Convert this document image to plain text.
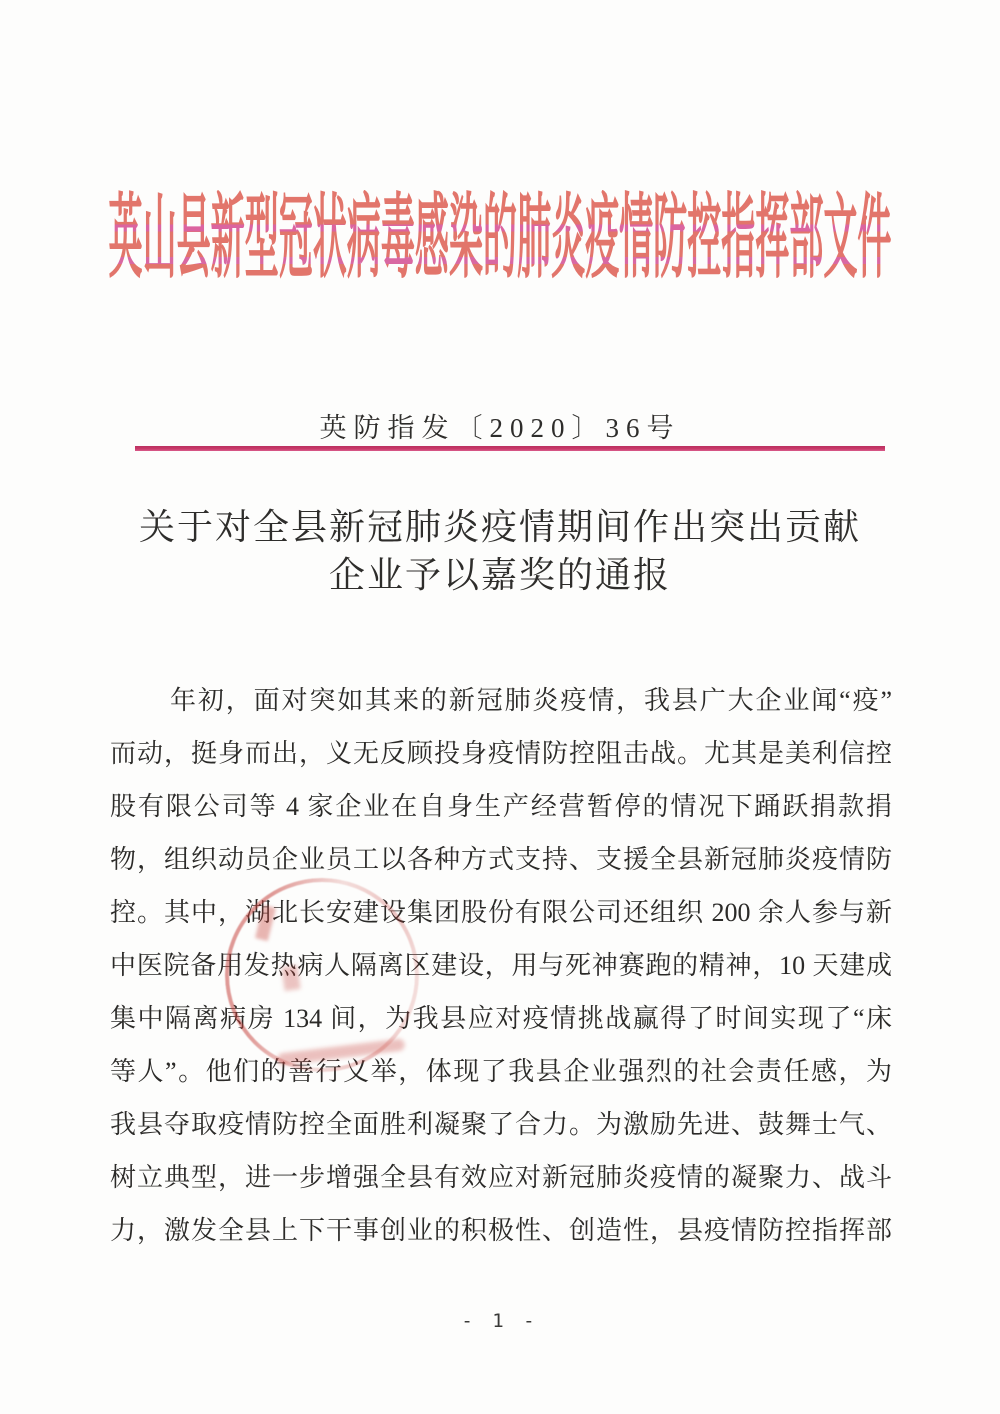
英山县新型冠状病毒感染的肺炎疫情防控指挥部文件
英防指发〔2020〕36号
关于对全县新冠肺炎疫情期间作出突出贡献
企业予以嘉奖的通报
年初，面对突如其来的新冠肺炎疫情，我县广大企业闻“疫”
而动，挺身而出，义无反顾投身疫情防控阻击战。尤其是美利信控
股有限公司等 4 家企业在自身生产经营暂停的情况下踊跃捐款捐
物，组织动员企业员工以各种方式支持、支援全县新冠肺炎疫情防
控。其中，湖北长安建设集团股份有限公司还组织 200 余人参与新
中医院备用发热病人隔离区建设，用与死神赛跑的精神，10 天建成
集中隔离病房 134 间，为我县应对疫情挑战赢得了时间实现了“床
等人”。他们的善行义举，体现了我县企业强烈的社会责任感，为
我县夺取疫情防控全面胜利凝聚了合力。为激励先进、鼓舞士气、
树立典型，进一步增强全县有效应对新冠肺炎疫情的凝聚力、战斗
力，激发全县上下干事创业的积极性、创造性，县疫情防控指挥部
- 1 -
